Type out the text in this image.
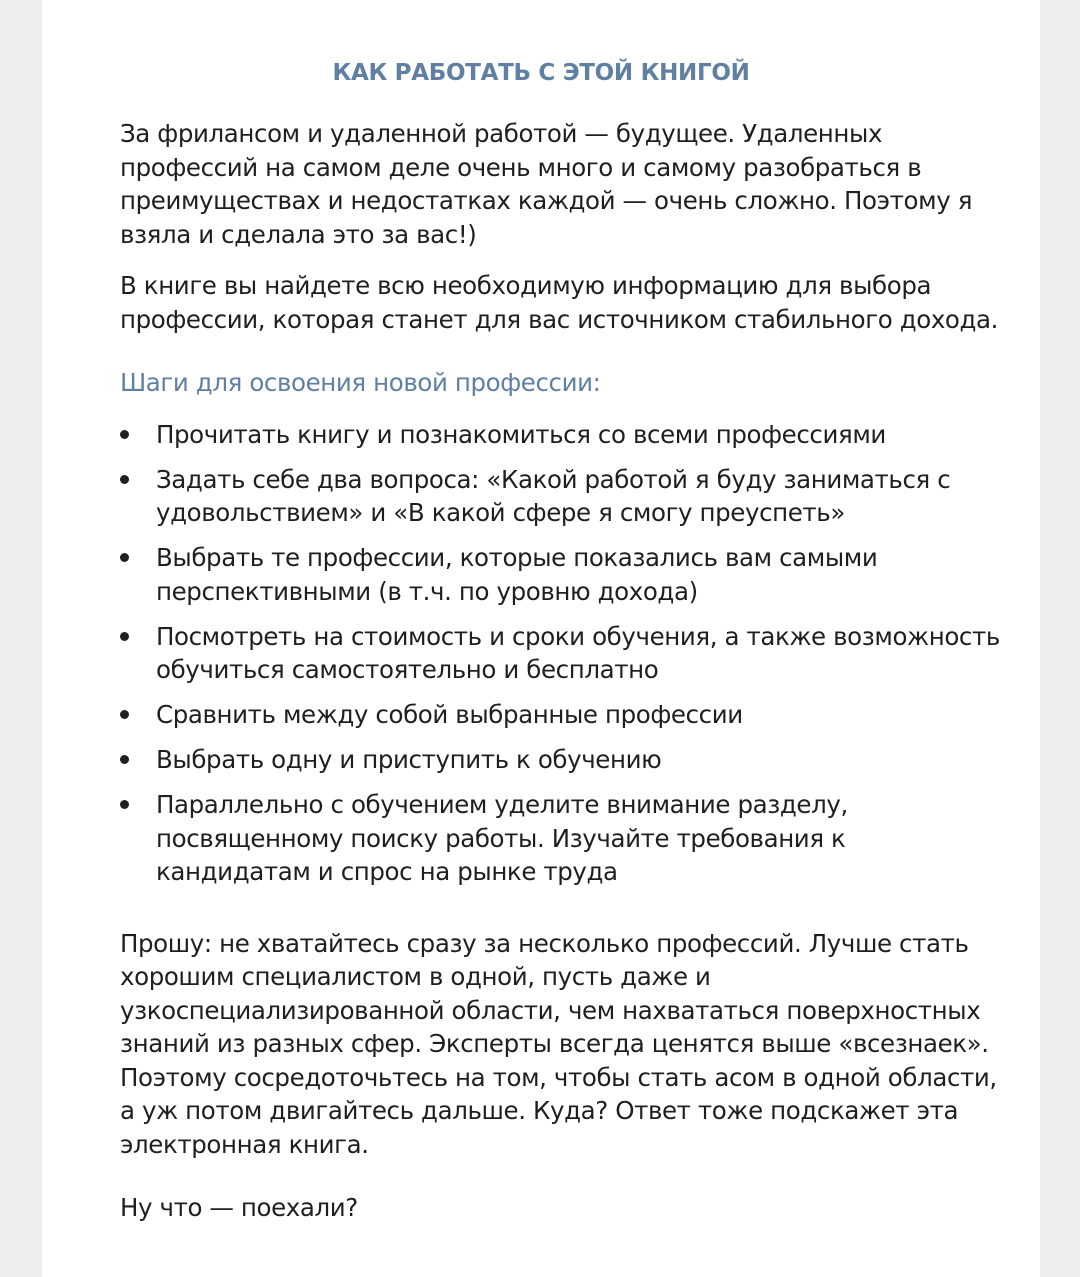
КАК РАБОТАТЬ С ЭТОЙ КНИГОЙ

За фрилансом и удаленной работой — будущее. Удаленных профессий на самом деле очень много и самому разобраться в преимуществах и недостатках каждой — очень сложно. Поэтому я взяла и сделала это за вас!)

В книге вы найдете всю необходимую информацию для выбора профессии, которая станет для вас источником стабильного дохода.

Шаги для освоения новой профессии:

Прочитать книгу и познакомиться со всеми профессиями
Задать себе два вопроса: «Какой работой я буду заниматься с удовольствием» и «В какой сфере я смогу преуспеть»
Выбрать те профессии, которые показались вам самыми перспективными (в т.ч. по уровню дохода)
Посмотреть на стоимость и сроки обучения, а также возможность обучиться самостоятельно и бесплатно
Сравнить между собой выбранные профессии
Выбрать одну и приступить к обучению
Параллельно с обучением уделите внимание разделу, посвященному поиску работы. Изучайте требования к кандидатам и спрос на рынке труда

Прошу: не хватайтесь сразу за несколько профессий. Лучше стать хорошим специалистом в одной, пусть даже и узкоспециализированной области, чем нахвататься поверхностных знаний из разных сфер. Эксперты всегда ценятся выше «всезнаек». Поэтому сосредоточьтесь на том, чтобы стать асом в одной области, а уж потом двигайтесь дальше. Куда? Ответ тоже подскажет эта электронная книга.

Ну что — поехали?
